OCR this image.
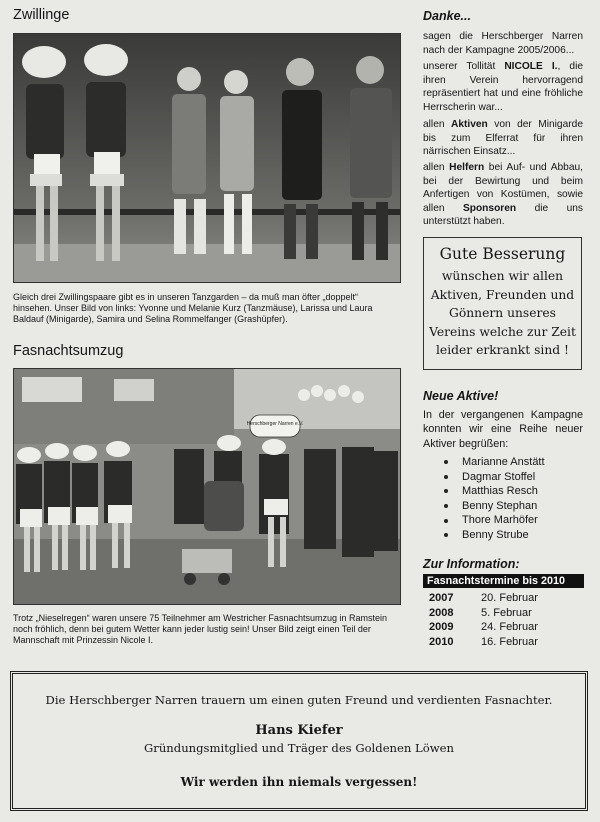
Zwillinge

Gleich drei Zwillingspaare gibt es in unseren Tanzgarden – da muß man öfter „doppelt“ hinsehen. Unser Bild von links: Yvonne und Melanie Kurz (Tanzmäuse), Larissa und Laura Baldauf (Minigarde), Samira und Selina Rommelfanger (Grashüpfer).

Fasnachtsumzug
Herschberger Narren e.V.

Trotz „Nieselregen“ waren unsere 75 Teilnehmer am Westricher Fasnachtsumzug in Ramstein noch fröhlich, denn bei gutem Wetter kann jeder lustig sein! Unser Bild zeigt einen Teil der Mannschaft mit Prinzessin Nicole I.

Danke...

sagen die Herschberger Narren nach der Kampagne 2005/2006...

unserer Tollität NICOLE I., die ihren Verein hervorragend repräsentiert hat und eine fröhliche Herrscherin war...

allen Aktiven von der Minigarde bis zum Elferrat für ihren närrischen Einsatz...

allen Helfern bei Auf- und Abbau, bei der Bewirtung und beim Anfertigen von Kostümen, sowie allen Sponsoren die uns unterstützt haben.

Gute Besserung
wünschen wir allen Aktiven, Freunden und Gönnern unseres Vereins welche zur Zeit leider erkrankt sind !
Neue Aktive!

In der vergangenen Kampagne konnten wir eine Reihe neuer Aktiver begrüßen:

Marianne Anstätt
Dagmar Stoffel
Matthias Resch
Benny Stephan
Thore Marhöfer
Benny Strube
Zur Information:
Fasnachtstermine bis 2010
2007	20. Februar
2008	5. Februar
2009	24. Februar
2010	16. Februar
Die Herschberger Narren trauern um einen guten Freund und verdienten Fasnachter.
Hans Kiefer
Gründungsmitglied und Träger des Goldenen Löwen
Wir werden ihn niemals vergessen!
